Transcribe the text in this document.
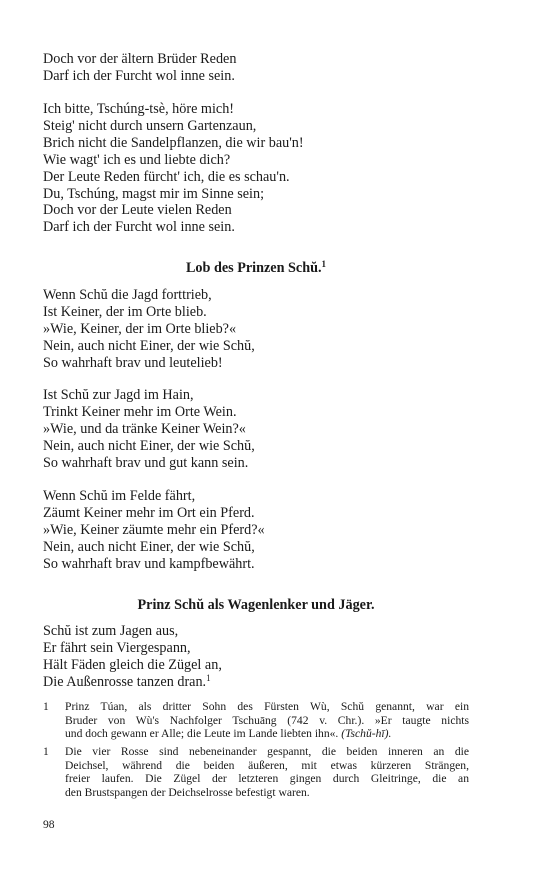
Doch vor der ältern Brüder Reden
Darf ich der Furcht wol inne sein.
Ich bitte, Tschúng-tsè, höre mich!
Steig' nicht durch unsern Gartenzaun,
Brich nicht die Sandelpflanzen, die wir bau'n!
Wie wagt' ich es und liebte dich?
Der Leute Reden fürcht' ich, die es schau'n.
Du, Tschúng, magst mir im Sinne sein;
Doch vor der Leute vielen Reden
Darf ich der Furcht wol inne sein.
Lob des Prinzen Schŭ.$^1$
Wenn Schŭ die Jagd forttrieb,
Ist Keiner, der im Orte blieb.
»Wie, Keiner, der im Orte blieb?«
Nein, auch nicht Einer, der wie Schŭ,
So wahrhaft brav und leutelieb!
Ist Schŭ zur Jagd im Hain,
Trinkt Keiner mehr im Orte Wein.
»Wie, und da tränke Keiner Wein?«
Nein, auch nicht Einer, der wie Schŭ,
So wahrhaft brav und gut kann sein.
Wenn Schŭ im Felde fährt,
Zäumt Keiner mehr im Ort ein Pferd.
»Wie, Keiner zäumte mehr ein Pferd?«
Nein, auch nicht Einer, der wie Schŭ,
So wahrhaft brav und kampfbewährt.
Prinz Schŭ als Wagenlenker und Jäger.
Schŭ ist zum Jagen aus,
Er fährt sein Viergespann,
Hält Fäden gleich die Zügel an,
Die Außenrosse tanzen dran.$^1$
1 Prinz Túan, als dritter Sohn des Fürsten Wù, Schŭ genannt, war ein
Bruder von Wù's Nachfolger Tschuāng (742 v. Chr.). »Er taugte nichts
und doch gewann er Alle; die Leute im Lande liebten ihn«. (Tschŭ-hī).
1 Die vier Rosse sind nebeneinander gespannt, die beiden inneren an die
Deichsel, während die beiden äußeren, mit etwas kürzeren Strängen,
freier laufen. Die Zügel der letzteren gingen durch Gleitringe, die an
den Brustspangen der Deichselrosse befestigt waren.
98
